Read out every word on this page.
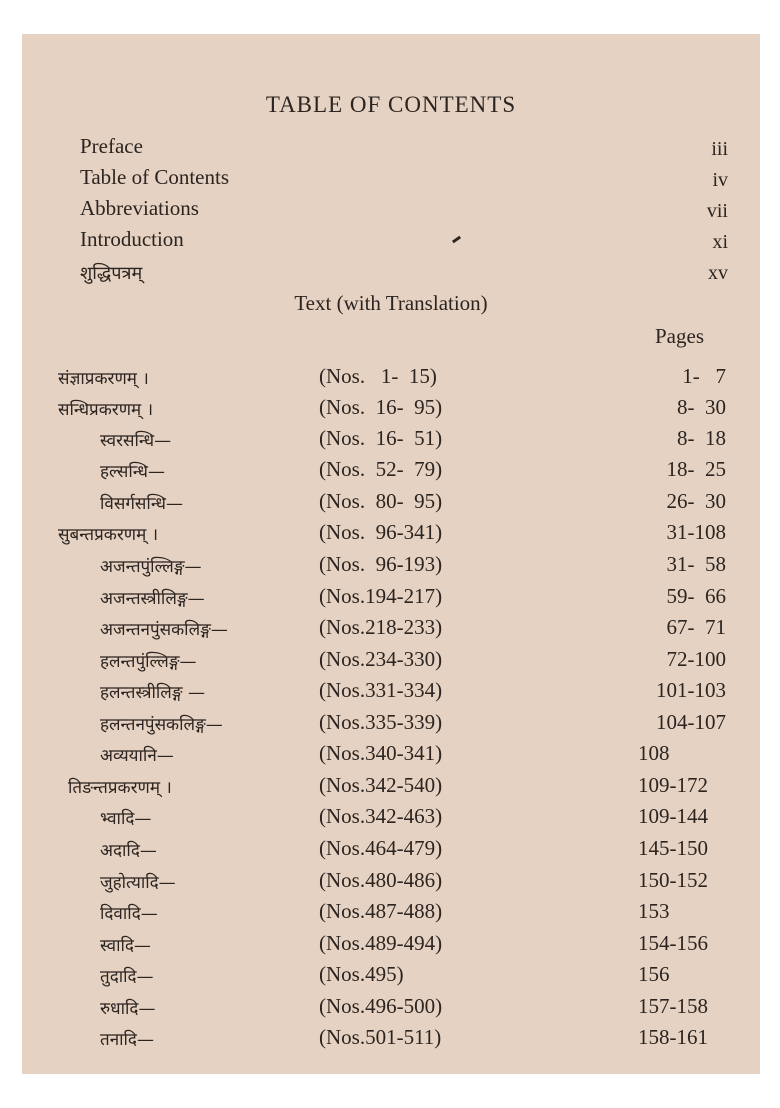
TABLE OF CONTENTS
Preface	iii
Table of Contents	iv
Abbreviations	vii
Introduction	xi
शुद्धिपत्रम्	xv
Text (with Translation)
Pages
संज्ञाप्रकरणम् ।	(Nos.   1-  15)	1-   7
सन्धिप्रकरणम् ।	(Nos.  16-  95)	8-  30
स्वरसन्धि—	(Nos.  16-  51)	8-  18
हल्सन्धि—	(Nos.  52-  79)	18-  25
विसर्गसन्धि—	(Nos.  80-  95)	26-  30
सुबन्तप्रकरणम् ।	(Nos.  96-341)	31-108
अजन्तपुंल्लिङ्ग—	(Nos.  96-193)	31-  58
अजन्तस्त्रीलिङ्ग—	(Nos.194-217)	59-  66
अजन्तनपुंसकलिङ्ग—	(Nos.218-233)	67-  71
हलन्तपुंल्लिङ्ग—	(Nos.234-330)	72-100
हलन्तस्त्रीलिङ्ग —	(Nos.331-334)	101-103
हलन्तनपुंसकलिङ्ग—	(Nos.335-339)	104-107
अव्ययानि—	(Nos.340-341)	108
तिङन्तप्रकरणम् ।	(Nos.342-540)	109-172
भ्वादि—	(Nos.342-463)	109-144
अदादि—	(Nos.464-479)	145-150
जुहोत्यादि—	(Nos.480-486)	150-152
दिवादि—	(Nos.487-488)	153
स्वादि—	(Nos.489-494)	154-156
तुदादि—	(Nos.495)	156
रुधादि—	(Nos.496-500)	157-158
तनादि—	(Nos.501-511)	158-161
